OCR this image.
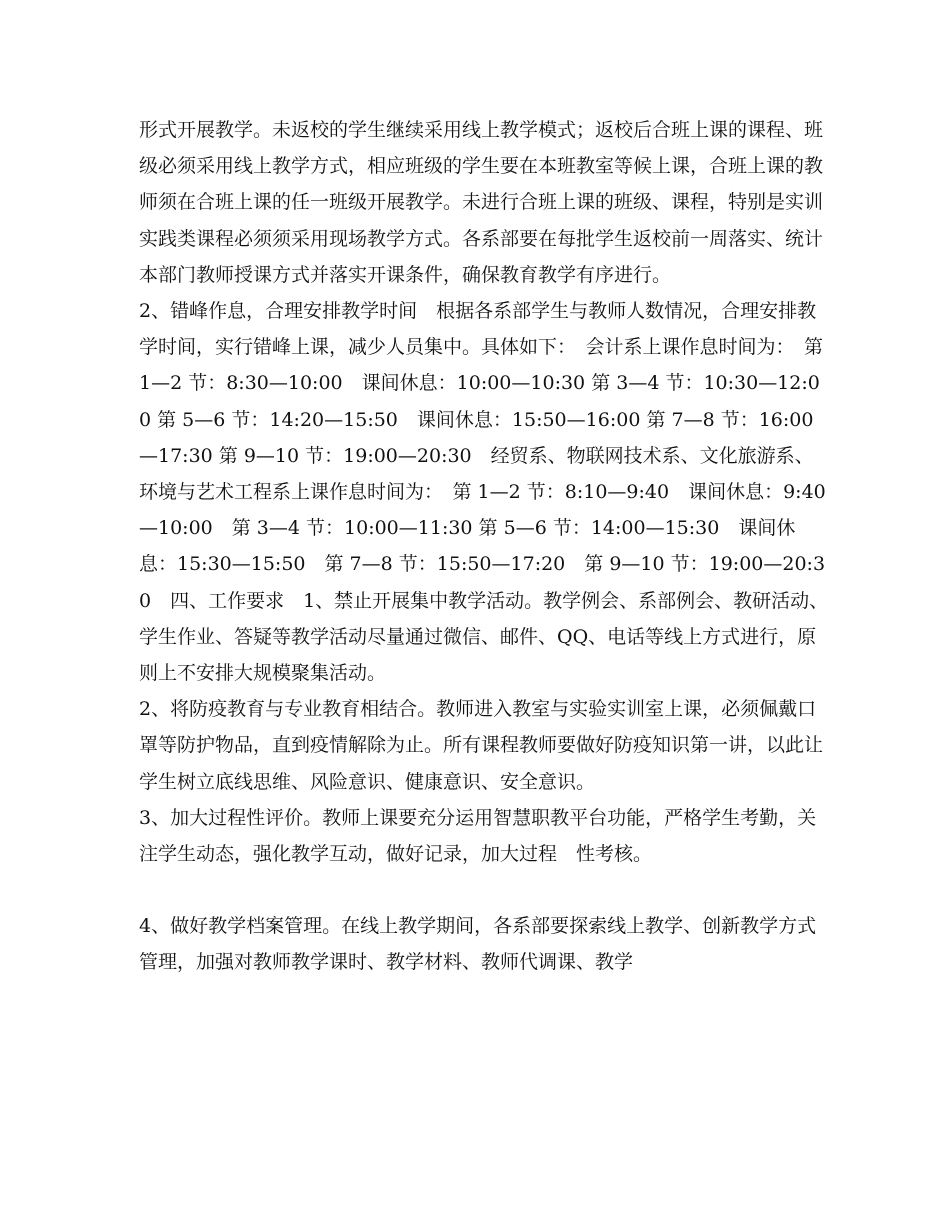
形式开展教学。未返校的学生继续采用线上教学模式；返校后合班上课的课程、班级必须采用线上教学方式，相应班级的学生要在本班教室等候上课，合班上课的教师须在合班上课的任一班级开展教学。未进行合班上课的班级、课程，特别是实训实践类课程必须须采用现场教学方式。各系部要在每批学生返校前一周落实、统计本部门教师授课方式并落实开课条件，确保教育教学有序进行。

2、错峰作息，合理安排教学时间　根据各系部学生与教师人数情况，合理安排教学时间，实行错峰上课，减少人员集中。具体如下：　会计系上课作息时间为：　第 1—2 节：8:30—10:00　课间休息：10:00—10:30 第 3—4 节：10:30—12:00 第 5—6 节：14:20—15:50　课间休息：15:50—16:00 第 7—8 节：16:00—17:30 第 9—10 节：19:00—20:30　经贸系、物联网技术系、文化旅游系、环境与艺术工程系上课作息时间为：　第 1—2 节：8:10—9:40　课间休息：9:40—10:00　第 3—4 节：10:00—11:30 第 5—6 节：14:00—15:30　课间休息：15:30—15:50　第 7—8 节：15:50—17:20　第 9—10 节：19:00—20:30　四、工作要求　1、禁止开展集中教学活动。教学例会、系部例会、教研活动、学生作业、答疑等教学活动尽量通过微信、邮件、QQ、电话等线上方式进行，原则上不安排大规模聚集活动。

2、将防疫教育与专业教育相结合。教师进入教室与实验实训室上课，必须佩戴口罩等防护物品，直到疫情解除为止。所有课程教师要做好防疫知识第一讲，以此让学生树立底线思维、风险意识、健康意识、安全意识。

3、加大过程性评价。教师上课要充分运用智慧职教平台功能，严格学生考勤，关注学生动态，强化教学互动，做好记录，加大过程　性考核。

4、做好教学档案管理。在线上教学期间，各系部要探索线上教学、创新教学方式管理，加强对教师教学课时、教学材料、教师代调课、教学
